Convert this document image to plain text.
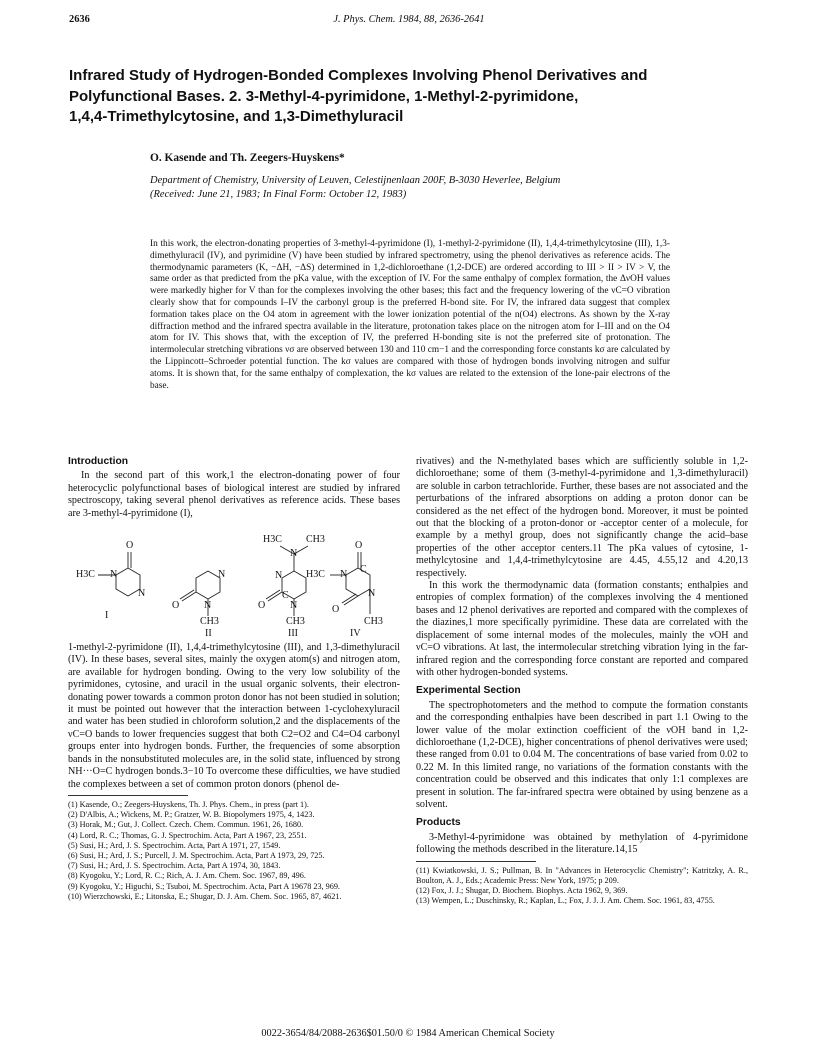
2636	J. Phys. Chem. 1984, 88, 2636-2641
Infrared Study of Hydrogen-Bonded Complexes Involving Phenol Derivatives and
Polyfunctional Bases. 2. 3-Methyl-4-pyrimidone, 1-Methyl-2-pyrimidone,
1,4,4-Trimethylcytosine, and 1,3-Dimethyluracil
O. Kasende and Th. Zeegers-Huyskens*
Department of Chemistry, University of Leuven, Celestijnenlaan 200F, B-3030 Heverlee, Belgium
(Received: June 21, 1983; In Final Form: October 12, 1983)
In this work, the electron-donating properties of 3-methyl-4-pyrimidone (I), 1-methyl-2-pyrimidone (II), 1,4,4-trimethylcytosine (III), 1,3-dimethyluracil (IV), and pyrimidine (V) have been studied by infrared spectrometry, using the phenol derivatives as reference acids. The thermodynamic parameters (K, −ΔH, −ΔS) determined in 1,2-dichloroethane (1,2-DCE) are ordered according to III > II > IV > V, the same order as that predicted from the pKa value, with the exception of IV. For the same enthalpy of complex formation, the ΔνOH values were markedly higher for V than for the complexes involving the other bases; this fact and the frequency lowering of the νC=O vibration clearly show that for compounds I–IV the carbonyl group is the preferred H-bond site. For IV, the infrared data suggest that complex formation takes place on the O4 atom in agreement with the lower ionization potential of the n(O4) electrons. As shown by the X-ray diffraction method and the infrared spectra available in the literature, protonation takes place on the nitrogen atom for I–III and on the O4 atom for IV. This shows that, with the exception of IV, the preferred H-bonding site is not the preferred site of protonation. The intermolecular stretching vibrations νσ are observed between 130 and 110 cm−1 and the corresponding force constants kσ are calculated by the Lippincott–Schroeder potential function. The kσ values are compared with those of hydrogen bonds involving nitrogen and sulfur atoms. It is shown that, for the same enthalpy of complexation, the kσ values are related to the extension of the lone-pair electrons of the base.
Introduction

In the second part of this work,1 the electron-donating power of four heterocyclic polyfunctional bases of biological interest are studied by infrared spectroscopy, taking several phenol derivatives as reference acids. These bases are 3-methyl-4-pyrimidone (I),

O
H3C N
N
I
N
O N
CH3
II
H3C
N
CH3
N
O
C
N
CH3
III
O
C
H3C N
O
N
CH3
IV

1-methyl-2-pyrimidone (II), 1,4,4-trimethylcytosine (III), and 1,3-dimethyluracil (IV). In these bases, several sites, mainly the oxygen atom(s) and nitrogen atom, are available for hydrogen bonding. Owing to the very low solubility of the pyrimidones, cytosine, and uracil in the usual organic solvents, their electron-donating power towards a common proton donor has not been studied in solution; it must be pointed out however that the interaction between 1-cyclohexyluracil and water has been studied in chloroform solution,2 and the displacements of the νC=O bands to lower frequencies suggest that both C2=O2 and C4=O4 carbonyl groups enter into hydrogen bonds. Further, the frequencies of some absorption bands in the nonsubstituted molecules are, in the solid state, influenced by strong NH···O=C hydrogen bonds.3−10 To overcome these difficulties, we have studied the complexes between a set of common proton donors (phenol de-

(1) Kasende, O.; Zeegers-Huyskens, Th. J. Phys. Chem., in press (part 1).
(2) D'Albis, A.; Wickens, M. P.; Gratzer, W. B. Biopolymers 1975, 4, 1423.
(3) Horak, M.; Gut, J. Collect. Czech. Chem. Commun. 1961, 26, 1680.
(4) Lord, R. C.; Thomas, G. J. Spectrochim. Acta, Part A 1967, 23, 2551.
(5) Susi, H.; Ard, J. S. Spectrochim. Acta, Part A 1971, 27, 1549.
(6) Susi, H.; Ard, J. S.; Purcell, J. M. Spectrochim. Acta, Part A 1973, 29, 725.
(7) Susi, H.; Ard, J. S. Spectrochim. Acta, Part A 1974, 30, 1843.
(8) Kyogoku, Y.; Lord, R. C.; Rich, A. J. Am. Chem. Soc. 1967, 89, 496.
(9) Kyogoku, Y.; Higuchi, S.; Tsuboi, M. Spectrochim. Acta, Part A 19678 23, 969.
(10) Wierzchowski, E.; Litonska, E.; Shugar, D. J. Am. Chem. Soc. 1965, 87, 4621.

rivatives) and the N-methylated bases which are sufficiently soluble in 1,2-dichloroethane; some of them (3-methyl-4-pyrimidone and 1,3-dimethyluracil) are soluble in carbon tetrachloride. Further, these bases are not associated and the perturbations of the infrared absorptions on adding a proton donor can be considered as the net effect of the hydrogen bond. Moreover, it must be pointed out that the blocking of a proton-donor or -acceptor center of a molecule, for example by a methyl group, does not significantly change the acid–base properties of the other acceptor centers.11 The pKa values of cytosine, 1-methylcytosine and 1,4,4-trimethylcytosine are 4.45, 4.55,12 and 4.20,13 respectively.

In this work the thermodynamic data (formation constants; enthalpies and entropies of complex formation) of the complexes involving the 4 mentioned bases and 12 phenol derivatives are reported and compared with the complexes of the diazines,1 more specifically pyrimidine. These data are correlated with the displacement of some internal modes of the molecules, mainly the νOH and νC=O vibrations. At last, the intermolecular stretching vibration lying in the far-infrared region and the corresponding force constant are reported and compared with other hydrogen-bonded systems.

Experimental Section

The spectrophotometers and the method to compute the formation constants and the corresponding enthalpies have been described in part 1.1 Owing to the lower value of the molar extinction coefficient of the νOH band in 1,2-dichloroethane (1,2-DCE), higher concentrations of phenol derivatives were used; these ranged from 0.01 to 0.04 M. The concentrations of base varied from 0.02 to 0.22 M. In this limited range, no variations of the formation constants with the concentration could be observed and this indicates that only 1:1 complexes are present in solution. The far-infrared spectra were obtained by using benzene as a solvent.

Products

3-Methyl-4-pyrimidone was obtained by methylation of 4-pyrimidone following the methods described in the literature.14,15

(11) Kwiatkowski, J. S.; Pullman, B. In "Advances in Heterocyclic Chemistry"; Katritzky, A. R., Boulton, A. J., Eds.; Academic Press: New York, 1975; p 209.
(12) Fox, J. J.; Shugar, D. Biochem. Biophys. Acta 1962, 9, 369.
(13) Wempen, L.; Duschinsky, R.; Kaplan, L.; Fox, J. J. J. Am. Chem. Soc. 1961, 83, 4755.
0022-3654/84/2088-2636$01.50/0 © 1984 American Chemical Society
